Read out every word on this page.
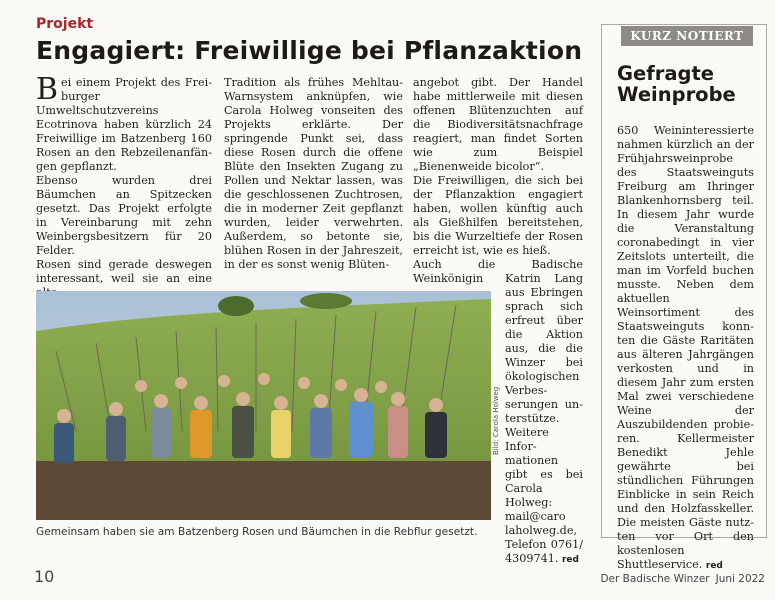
Projekt
Engagiert: Freiwillige bei Pflanzaktion

Bei einem Projekt des Freiburger Umweltschutzvereins Ecotrinova haben kürzlich 24 Freiwillige im Batzenberg 160 Rosen an den Rebzeilenanfängen gepflanzt.

Ebenso wurden drei Bäumchen an Spitzecken gesetzt. Das Projekt erfolgte in Vereinbarung mit zehn Weinbergsbesitzern für 20 Felder.

Rosen sind gerade deswegen interessant, weil sie an eine

Tradition als frühes Mehltau-Warnsystem anknüpfen, wie Carola Holweg vonseiten des Projekts erklärte. Der springende Punkt sei, dass diese Rosen durch die offene Blüte den Insekten Zugang zu Pollen und Nektar lassen, was die geschlossenen Zuchtrosen, die in moderner Zeit gepflanzt wurden, leider verwehrten. Außerdem, so betonte sie, blühen Rosen in der Jahreszeit, in der es sonst wenig Blüten-

angebot gibt. Der Handel habe mittlerweile mit diesen offenen Blütenzuchten auf die Biodiversitätsnachfrage reagiert, man findet Sorten wie zum Beispiel „Bienenweide bicolor“.

Die Freiwilligen, die sich bei der Pflanzaktion engagiert haben, wollen künftig auch als Gießhilfen bereitstehen, bis die Wurzeltiefe der Rosen erreicht ist, wie es hieß.

Auch die Badische Weinkönigin	Katrin Lang aus Ebringen sprach sich erfreut über die Aktion aus, die die Winzer bei ökologischen Verbesserungen unterstütze.

Weitere Informationen gibt es bei Carola Holweg: mail@caro laholweg.de, Telefon 0761/ 4309741. red

Bild: Carola Holweg
Gemeinsam haben sie am Batzenberg Rosen und Bäumchen in die Rebflur gesetzt.
KURZ NOTIERT
Gefragte Weinprobe

650 Weininteressierte nahmen kürzlich an der Frühjahrsweinprobe des Staatsweinguts Freiburg am Ihringer Blankenhornsberg teil. In diesem Jahr wurde die Veranstaltung coronabedingt in vier Zeitslots unterteilt, die man im Vorfeld buchen musste. Neben dem aktuellen Weinsortiment des Staatsweinguts konnten die Gäste Raritäten aus älteren Jahrgängen verkosten und in diesem Jahr zum ersten Mal zwei verschiedene Weine der Auszubildenden probieren. Kellermeister Benedikt Jehle gewährte bei stündlichen Führungen Einblicke in sein Reich und den Holzfasskeller. Die meisten Gäste nutzten vor Ort den kostenlosen Shuttleservice. red

10	Der Badische Winzer Juni 2022
